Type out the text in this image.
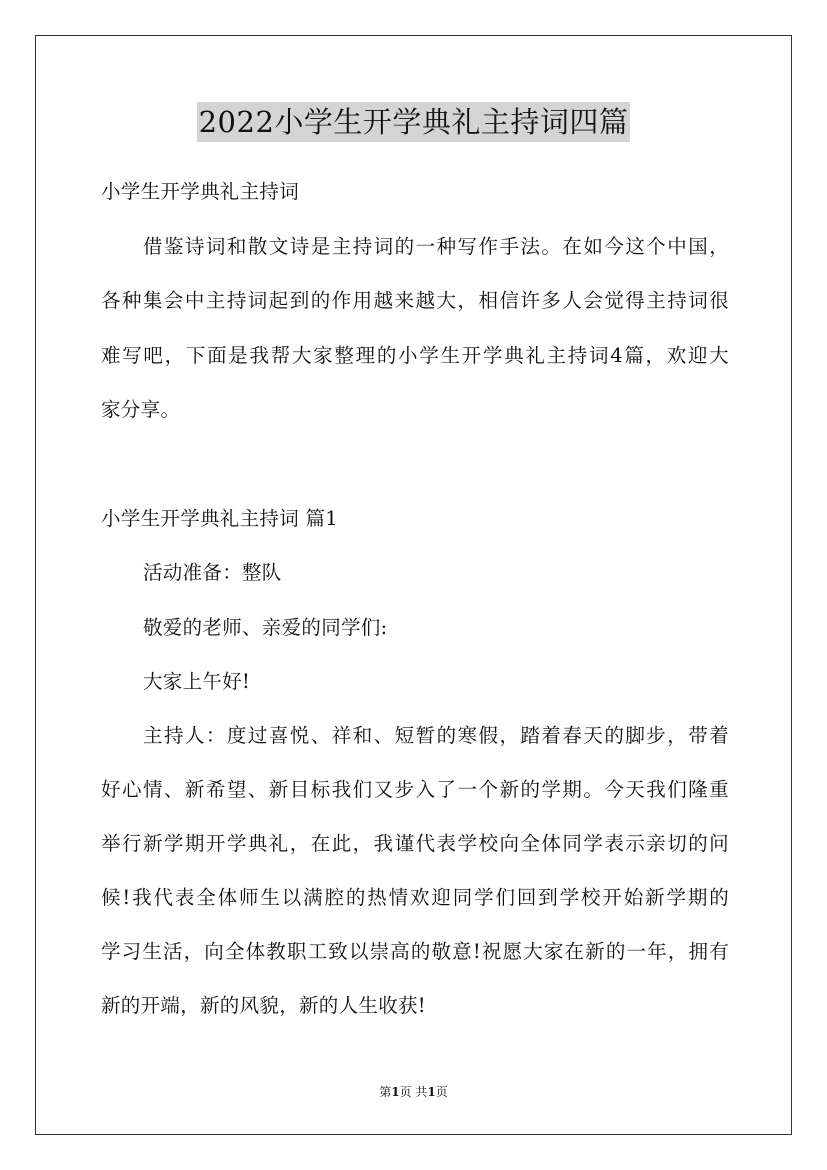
2022小学生开学典礼主持词四篇
小学生开学典礼主持词
借鉴诗词和散文诗是主持词的一种写作手法。在如今这个中国，
各种集会中主持词起到的作用越来越大，相信许多人会觉得主持词很
难写吧，下面是我帮大家整理的小学生开学典礼主持词4篇，欢迎大
家分享。
小学生开学典礼主持词 篇1
活动准备：整队
敬爱的老师、亲爱的同学们:
大家上午好!
主持人：度过喜悦、祥和、短暂的寒假，踏着春天的脚步，带着
好心情、新希望、新目标我们又步入了一个新的学期。今天我们隆重
举行新学期开学典礼，在此，我谨代表学校向全体同学表示亲切的问
候!我代表全体师生以满腔的热情欢迎同学们回到学校开始新学期的
学习生活，向全体教职工致以崇高的敬意!祝愿大家在新的一年，拥有
新的开端，新的风貌，新的人生收获!
第1页 共1页
